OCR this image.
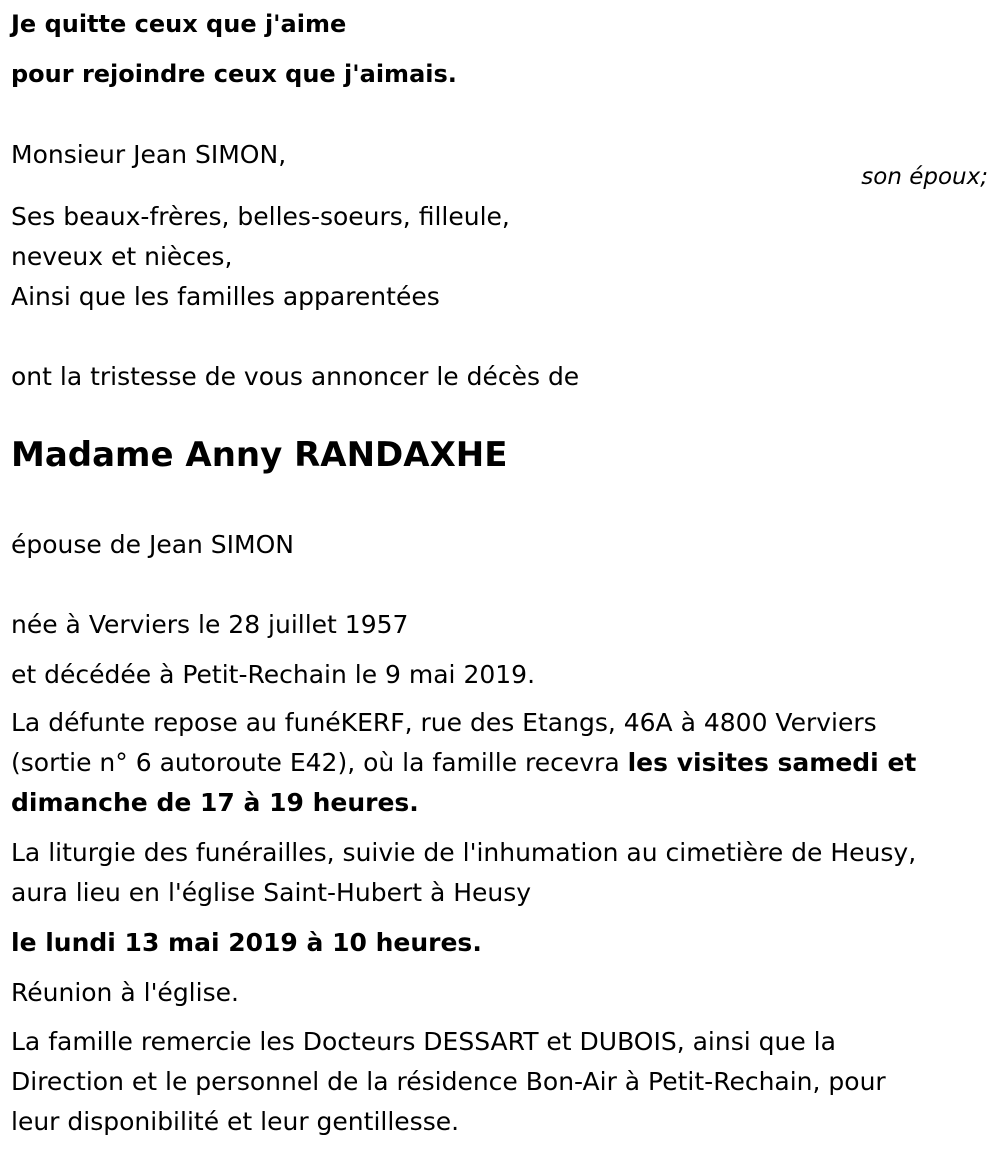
Je quitte ceux que j'aime
pour rejoindre ceux que j'aimais.
Monsieur Jean SIMON,
son époux;
Ses beaux-frères, belles-soeurs, filleule,
neveux et nièces,
Ainsi que les familles apparentées
ont la tristesse de vous annoncer le décès de
Madame Anny RANDAXHE
épouse de Jean SIMON
née à Verviers le 28 juillet 1957
et décédée à Petit-Rechain le 9 mai 2019.
La défunte repose au funéKERF, rue des Etangs, 46A à 4800 Verviers
(sortie n° 6 autoroute E42), où la famille recevra les visites samedi et
dimanche de 17 à 19 heures.
La liturgie des funérailles, suivie de l'inhumation au cimetière de Heusy,
aura lieu en l'église Saint-Hubert à Heusy
le lundi 13 mai 2019 à 10 heures.
Réunion à l'église.
La famille remercie les Docteurs DESSART et DUBOIS, ainsi que la
Direction et le personnel de la résidence Bon-Air à Petit-Rechain, pour
leur disponibilité et leur gentillesse.
